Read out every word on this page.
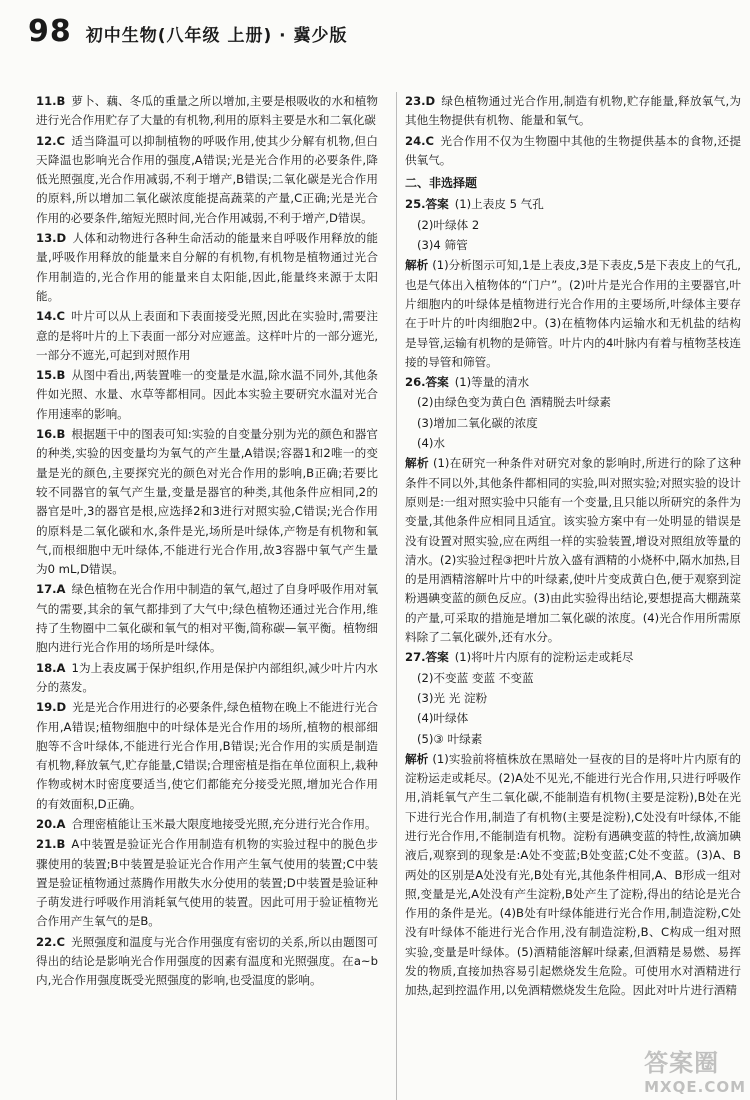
98 初中生物(八年级 上册) · 冀少版
11.B 萝卜、藕、冬瓜的重量之所以增加,主要是根吸收的水和植物进行光合作用贮存了大量的有机物,利用的原料主要是水和二氧化碳
12.C 适当降温可以抑制植物的呼吸作用,使其少分解有机物,但白天降温也影响光合作用的强度,A错误;光是光合作用的必要条件,降低光照强度,光合作用减弱,不利于增产,B错误;二氧化碳是光合作用的原料,所以增加二氧化碳浓度能提高蔬菜的产量,C正确;光是光合作用的必要条件,缩短光照时间,光合作用减弱,不利于增产,D错误。
13.D 人体和动物进行各种生命活动的能量来自呼吸作用释放的能量,呼吸作用释放的能量来自分解的有机物,有机物是植物通过光合作用制造的,光合作用的能量来自太阳能,因此,能量终来源于太阳能。
14.C 叶片可以从上表面和下表面接受光照,因此在实验时,需要注意的是将叶片的上下表面一部分对应遮盖。这样叶片的一部分遮光,一部分不遮光,可起到对照作用
15.B 从图中看出,两装置唯一的变量是水温,除水温不同外,其他条件如光照、水量、水草等都相同。因此本实验主要研究水温对光合作用速率的影响。
16.B 根据题干中的图表可知:实验的自变量分别为光的颜色和器官的种类,实验的因变量均为氧气的产生量,A错误;容器1和2唯一的变量是光的颜色,主要探究光的颜色对光合作用的影响,B正确;若要比较不同器官的氧气产生量,变量是器官的种类,其他条件应相同,2的器官是叶,3的器官是根,应选择2和3进行对照实验,C错误;光合作用的原料是二氧化碳和水,条件是光,场所是叶绿体,产物是有机物和氧气,而根细胞中无叶绿体,不能进行光合作用,故3容器中氧气产生量为0 mL,D错误。
17.A 绿色植物在光合作用中制造的氧气,超过了自身呼吸作用对氧气的需要,其余的氧气都排到了大气中;绿色植物还通过光合作用,维持了生物圈中二氧化碳和氧气的相对平衡,简称碳—氧平衡。植物细胞内进行光合作用的场所是叶绿体。
18.A 1为上表皮属于保护组织,作用是保护内部组织,减少叶片内水分的蒸发。
19.D 光是光合作用进行的必要条件,绿色植物在晚上不能进行光合作用,A错误;植物细胞中的叶绿体是光合作用的场所,植物的根部细胞等不含叶绿体,不能进行光合作用,B错误;光合作用的实质是制造有机物,释放氧气,贮存能量,C错误;合理密植是指在单位面积上,栽种作物或树木时密度要适当,使它们都能充分接受光照,增加光合作用的有效面积,D正确。
20.A 合理密植能让玉米最大限度地接受光照,充分进行光合作用。
21.B A中装置是验证光合作用制造有机物的实验过程中的脱色步骤使用的装置;B中装置是验证光合作用产生氧气使用的装置;C中装置是验证植物通过蒸腾作用散失水分使用的装置;D中装置是验证种子萌发进行呼吸作用消耗氧气使用的装置。因此可用于验证植物光合作用产生氧气的是B。
22.C 光照强度和温度与光合作用强度有密切的关系,所以由题图可得出的结论是影响光合作用强度的因素有温度和光照强度。在a~b内,光合作用强度既受光照强度的影响,也受温度的影响。
23.D 绿色植物通过光合作用,制造有机物,贮存能量,释放氧气,为其他生物提供有机物、能量和氧气。
24.C 光合作用不仅为生物圈中其他的生物提供基本的食物,还提供氧气。
二、非选择题
25.答案 (1)上表皮 5 气孔
(2)叶绿体 2
(3)4 筛管
解析 (1)分析图示可知,1是上表皮,3是下表皮,5是下表皮上的气孔,也是气体出入植物体的“门户”。(2)叶片是光合作用的主要器官,叶片细胞内的叶绿体是植物进行光合作用的主要场所,叶绿体主要存在于叶片的叶肉细胞2中。(3)在植物体内运输水和无机盐的结构是导管,运输有机物的是筛管。叶片内的4叶脉内有着与植物茎枝连接的导管和筛管。
26.答案 (1)等量的清水
(2)由绿色变为黄白色 酒精脱去叶绿素
(3)增加二氧化碳的浓度
(4)水
解析 (1)在研究一种条件对研究对象的影响时,所进行的除了这种条件不同以外,其他条件都相同的实验,叫对照实验;对照实验的设计原则是:一组对照实验中只能有一个变量,且只能以所研究的条件为变量,其他条件应相同且适宜。该实验方案中有一处明显的错误是没有设置对照实验,应在两组一样的实验装置,增设对照组放等量的清水。(2)实验过程③把叶片放入盛有酒精的小烧杯中,隔水加热,目的是用酒精溶解叶片中的叶绿素,使叶片变成黄白色,便于观察到淀粉遇碘变蓝的颜色反应。(3)由此实验得出结论,要想提高大棚蔬菜的产量,可采取的措施是增加二氧化碳的浓度。(4)光合作用所需原料除了二氧化碳外,还有水分。
27.答案 (1)将叶片内原有的淀粉运走或耗尽
(2)不变蓝 变蓝 不变蓝
(3)光 光 淀粉
(4)叶绿体
(5)③ 叶绿素
解析 (1)实验前将植株放在黑暗处一昼夜的目的是将叶片内原有的淀粉运走或耗尽。(2)A处不见光,不能进行光合作用,只进行呼吸作用,消耗氧气产生二氧化碳,不能制造有机物(主要是淀粉),B处在光下进行光合作用,制造了有机物(主要是淀粉),C处没有叶绿体,不能进行光合作用,不能制造有机物。淀粉有遇碘变蓝的特性,故滴加碘液后,观察到的现象是:A处不变蓝;B处变蓝;C处不变蓝。(3)A、B两处的区别是A处没有光,B处有光,其他条件相同,A、B形成一组对照,变量是光,A处没有产生淀粉,B处产生了淀粉,得出的结论是光合作用的条件是光。(4)B处有叶绿体能进行光合作用,制造淀粉,C处没有叶绿体不能进行光合作用,没有制造淀粉,B、C构成一组对照实验,变量是叶绿体。(5)酒精能溶解叶绿素,但酒精是易燃、易挥发的物质,直接加热容易引起燃烧发生危险。可使用水对酒精进行加热,起到控温作用,以免酒精燃烧发生危险。因此对叶片进行酒精
答案圈
MXQE.COM
